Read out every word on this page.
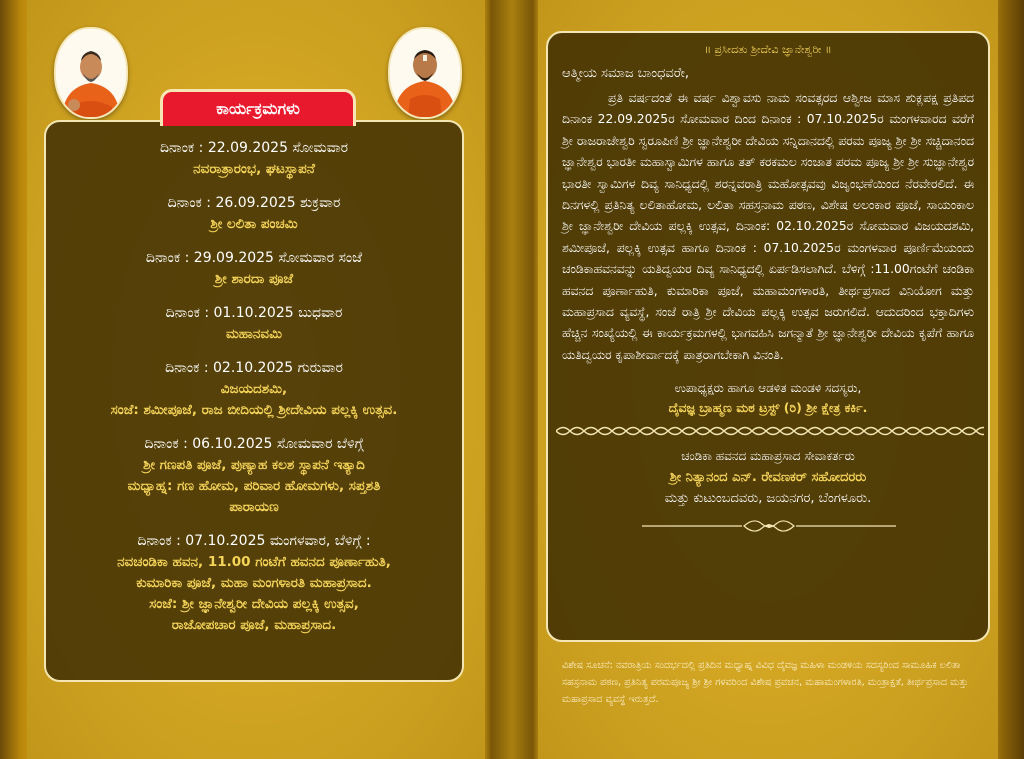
ಕಾರ್ಯಕ್ರಮಗಳು
ದಿನಾಂಕ : 22.09.2025 ಸೋಮವಾರ
ನವರಾತ್ರಾರಂಭ, ಘಟಸ್ಥಾಪನೆ
ದಿನಾಂಕ : 26.09.2025 ಶುಕ್ರವಾರ
ಶ್ರೀ ಲಲಿತಾ ಪಂಚಮಿ
ದಿನಾಂಕ : 29.09.2025 ಸೋಮವಾರ ಸಂಜೆ
ಶ್ರೀ ಶಾರದಾ ಪೂಜೆ
ದಿನಾಂಕ : 01.10.2025 ಬುಧವಾರ
ಮಹಾನವಮಿ
ದಿನಾಂಕ : 02.10.2025 ಗುರುವಾರ
ವಿಜಯದಶಮಿ,
ಸಂಜೆ: ಶಮೀಪೂಜೆ, ರಾಜ ಬೀದಿಯಲ್ಲಿ ಶ್ರೀದೇವಿಯ ಪಲ್ಲಕ್ಕಿ ಉತ್ಸವ.
ದಿನಾಂಕ : 06.10.2025 ಸೋಮವಾರ ಬೆಳಿಗ್ಗೆ
ಶ್ರೀ ಗಣಪತಿ ಪೂಜೆ, ಪುಣ್ಯಾಹ ಕಲಶ ಸ್ಥಾಪನೆ ಇತ್ಯಾದಿ
ಮಧ್ಯಾಹ್ನ: ಗಣ ಹೋಮ, ಪರಿವಾರ ಹೋಮಗಳು, ಸಪ್ತಶತಿ
ಪಾರಾಯಣ
ದಿನಾಂಕ : 07.10.2025 ಮಂಗಳವಾರ, ಬೆಳಿಗ್ಗೆ :
ನವಚಂಡಿಕಾ ಹವನ, 11.00 ಗಂಟೆಗೆ ಹವನದ ಪೂರ್ಣಾಹುತಿ,
ಕುಮಾರಿಕಾ ಪೂಜೆ, ಮಹಾ ಮಂಗಳಾರತಿ ಮಹಾಪ್ರಸಾದ.
ಸಂಜೆ: ಶ್ರೀ ಜ್ಞಾನೇಶ್ವರೀ ದೇವಿಯ ಪಲ್ಲಕ್ಕಿ ಉತ್ಸವ,
ರಾಜೋಪಚಾರ ಪೂಜೆ, ಮಹಾಪ್ರಸಾದ.
॥ ಪ್ರಸೀದತು ಶ್ರೀದೇವಿ ಜ್ಞಾನೇಶ್ವರೀ ॥
ಆತ್ಮೀಯ ಸಮಾಜ ಬಾಂಧವರೇ,

ಪ್ರತಿ ವರ್ಷದಂತೆ ಈ ವರ್ಷ ವಿಶ್ವಾವಸು ನಾಮ ಸಂವತ್ಸರದ ಆಶ್ವೀಜ ಮಾಸ ಶುಕ್ಲಪಕ್ಷ ಪ್ರತಿಪದ ದಿನಾಂಕ 22.09.2025ರ ಸೋಮವಾರ ದಿಂದ ದಿನಾಂಕ : 07.10.2025ರ ಮಂಗಳವಾರದ ವರೆಗೆ ಶ್ರೀ ರಾಜರಾಜೇಶ್ವರಿ ಸ್ವರೂಪಿಣಿ ಶ್ರೀ ಜ್ಞಾನೇಶ್ವರೀ ದೇವಿಯ ಸನ್ನಿದಾನದಲ್ಲಿ ಪರಮ ಪೂಜ್ಯ ಶ್ರೀ ಶ್ರೀ ಸಚ್ಚಿದಾನಂದ ಜ್ಞಾನೇಶ್ವರ ಭಾರತೀ ಮಹಾಸ್ವಾಮಿಗಳ ಹಾಗೂ ತತ್ ಕರಕಮಲ ಸಂಜಾತ ಪರಮ ಪೂಜ್ಯ ಶ್ರೀ ಶ್ರೀ ಸುಜ್ಞಾನೇಶ್ವರ ಭಾರತೀ ಸ್ವಾಮಿಗಳ ದಿವ್ಯ ಸಾನಿಧ್ಯದಲ್ಲಿ ಶರನ್ನವರಾತ್ರಿ ಮಹೋತ್ಸವವು ವಿಜೃಂಭಣೆಯಿಂದ ನೆರವೇರಲಿದೆ. ಈ ದಿನಗಳಲ್ಲಿ ಪ್ರತಿನಿತ್ಯ ಲಲಿತಾಹೋಮ, ಲಲಿತಾ ಸಹಸ್ರನಾಮ ಪಠಣ, ವಿಶೇಷ ಅಲಂಕಾರ ಪೂಜೆ, ಸಾಯಂಕಾಲ ಶ್ರೀ ಜ್ಞಾನೇಶ್ವರೀ ದೇವಿಯ ಪಲ್ಲಕ್ಕಿ ಉತ್ಸವ, ದಿನಾಂಕ: 02.10.2025ರ ಸೋಮವಾರ ವಿಜಯದಶಮಿ, ಶಮೀಪೂಜೆ, ಪಲ್ಲಕ್ಕಿ ಉತ್ಸವ ಹಾಗೂ ದಿನಾಂಕ : 07.10.2025ರ ಮಂಗಳವಾರ ಪೂರ್ಣಿಮೆಯಂದು ಚಂಡಿಕಾಹವನವನ್ನು ಯತಿದ್ವಯರ ದಿವ್ಯ ಸಾನಿಧ್ಯದಲ್ಲಿ ಏರ್ಪಡಿಸಲಾಗಿದೆ. ಬೆಳಿಗ್ಗೆ :11.00ಗಂಟೆಗೆ ಚಂಡಿಕಾ ಹವನದ ಪೂರ್ಣಾಹುತಿ, ಕುಮಾರಿಕಾ ಪೂಜೆ, ಮಹಾಮಂಗಳಾರತಿ, ತೀರ್ಥಪ್ರಸಾದ ವಿನಿಯೋಗ ಮತ್ತು ಮಹಾಪ್ರಸಾದ ವ್ಯವಸ್ಥೆ, ಸಂಜೆ ರಾತ್ರಿ ಶ್ರೀ ದೇವಿಯ ಪಲ್ಲಕ್ಕಿ ಉತ್ಸವ ಜರುಗಲಿದೆ. ಆದುದರಿಂದ ಭಕ್ತಾದಿಗಳು ಹೆಚ್ಚಿನ ಸಂಖ್ಯೆಯಲ್ಲಿ ಈ ಕಾರ್ಯಕ್ರಮಗಳಲ್ಲಿ ಭಾಗವಹಿಸಿ ಜಗನ್ಮಾತೆ ಶ್ರೀ ಜ್ಞಾನೇಶ್ವರೀ ದೇವಿಯ ಕೃಪೆಗೆ ಹಾಗೂ ಯತಿದ್ವಯರ ಕೃಪಾಶೀರ್ವಾದಕ್ಕೆ ಪಾತ್ರರಾಗಬೇಕಾಗಿ ವಿನಂತಿ.

ಉಪಾಧ್ಯಕ್ಷರು ಹಾಗೂ ಆಡಳಿತ ಮಂಡಳಿ ಸದಸ್ಯರು,
ದೈವಜ್ಞ ಬ್ರಾಹ್ಮಣ ಮಠ ಟ್ರಸ್ಟ್ (ರಿ) ಶ್ರೀ ಕ್ಷೇತ್ರ ಕರ್ಕಿ.
ಚಂಡಿಕಾ ಹವನದ ಮಹಾಪ್ರಸಾದ ಸೇವಾಕರ್ತರು
ಶ್ರೀ ನಿತ್ಯಾನಂದ ಎನ್. ರೇವಣಕರ್ ಸಹೋದರರು
ಮತ್ತು ಕುಟುಂಬದವರು, ಜಯನಗರ, ಬೆಂಗಳೂರು.
ವಿಶೇಷ ಸೂಚನೆ: ನವರಾತ್ರಿಯ ಸಂದರ್ಭದಲ್ಲಿ ಪ್ರತಿದಿನ ಮಧ್ಯಾಹ್ನ ವಿವಿಧ ದೈವಜ್ಞ ಮಹಿಳಾ ಮಂಡಳಿಯ ಸದಸ್ಯರಿಂದ ಸಾಮೂಹಿಕ ಲಲಿತಾ ಸಹಸ್ರನಾಮ ಪಠಣ, ಪ್ರತಿನಿತ್ಯ ಪರಮಪೂಜ್ಯ ಶ್ರೀ ಶ್ರೀ ಗಳವರಿಂದ ವಿಶೇಷ ಪ್ರವಚನ, ಮಹಾಮಂಗಳಾರತಿ, ಮಂತ್ರಾಕ್ಷತೆ, ತೀರ್ಥಪ್ರಸಾದ ಮತ್ತು ಮಹಾಪ್ರಸಾದ ವ್ಯವಸ್ಥೆ ಇರುತ್ತದೆ.
